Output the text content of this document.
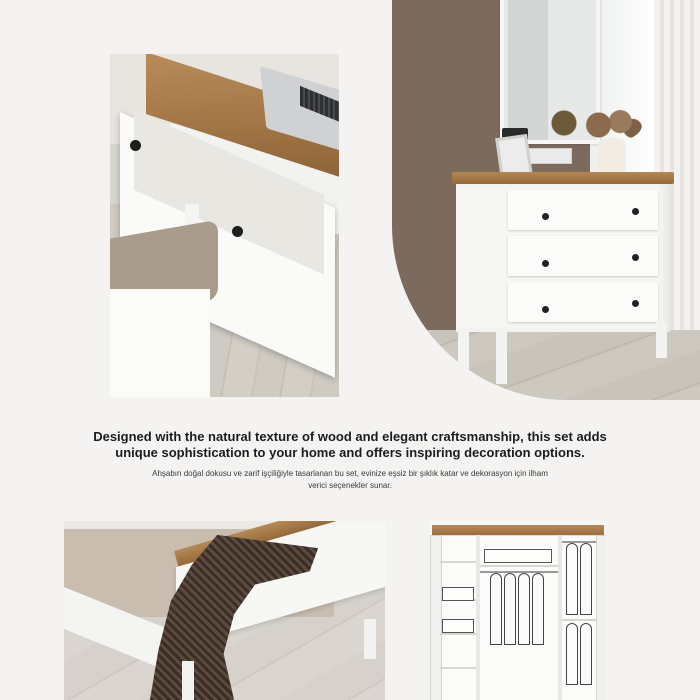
Designed with the natural texture of wood and elegant craftsmanship, this set adds unique sophistication to your home and offers inspiring decoration options.

Ahşabın doğal dokusu ve zarif işçiliğiyle tasarlanan bu set, evinize eşsiz bir şıklık katar ve dekorasyon için ilham verici seçenekler sunar.
